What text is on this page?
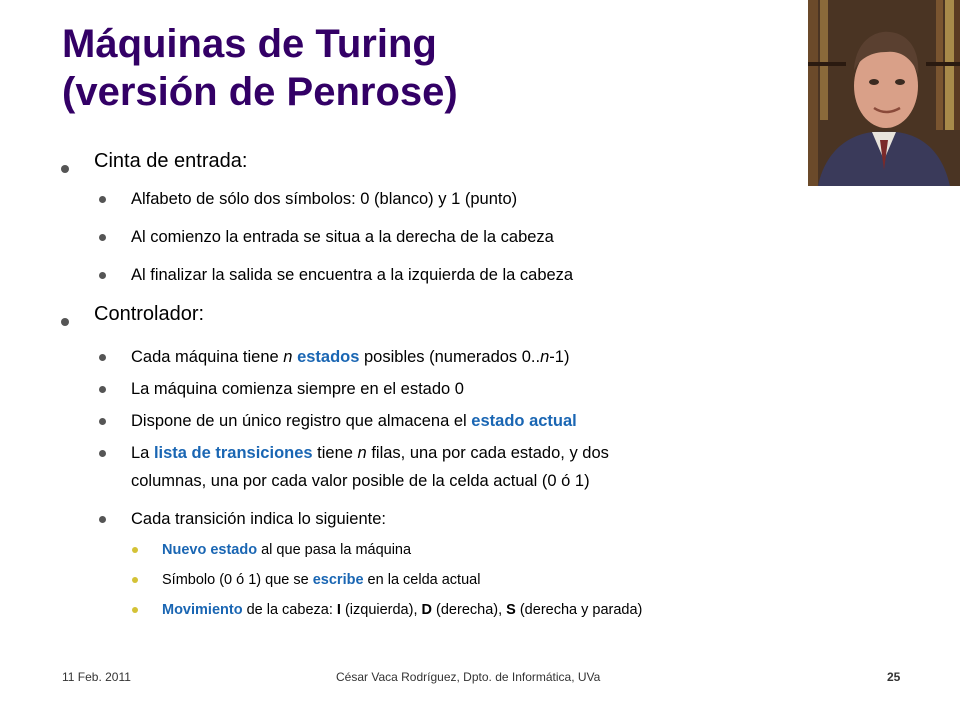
Máquinas de Turing
(versión de Penrose)
Cinta de entrada:
Alfabeto de sólo dos símbolos: 0 (blanco) y 1 (punto)
Al comienzo la entrada se situa a la derecha de la cabeza
Al finalizar la salida se encuentra a la izquierda de la cabeza
Controlador:
Cada máquina tiene n estados posibles (numerados 0..n-1)
La máquina comienza siempre en el estado 0
Dispone de un único registro que almacena el estado actual
La lista de transiciones tiene n filas, una por cada estado, y dos
columnas, una por cada valor posible de la celda actual (0 ó 1)
Cada transición indica lo siguiente:
Nuevo estado al que pasa la máquina
Símbolo (0 ó 1) que se escribe en la celda actual
Movimiento de la cabeza: I (izquierda), D (derecha), S (derecha y parada)
11 Feb. 2011	César Vaca Rodríguez, Dpto. de Informática, UVa	25
